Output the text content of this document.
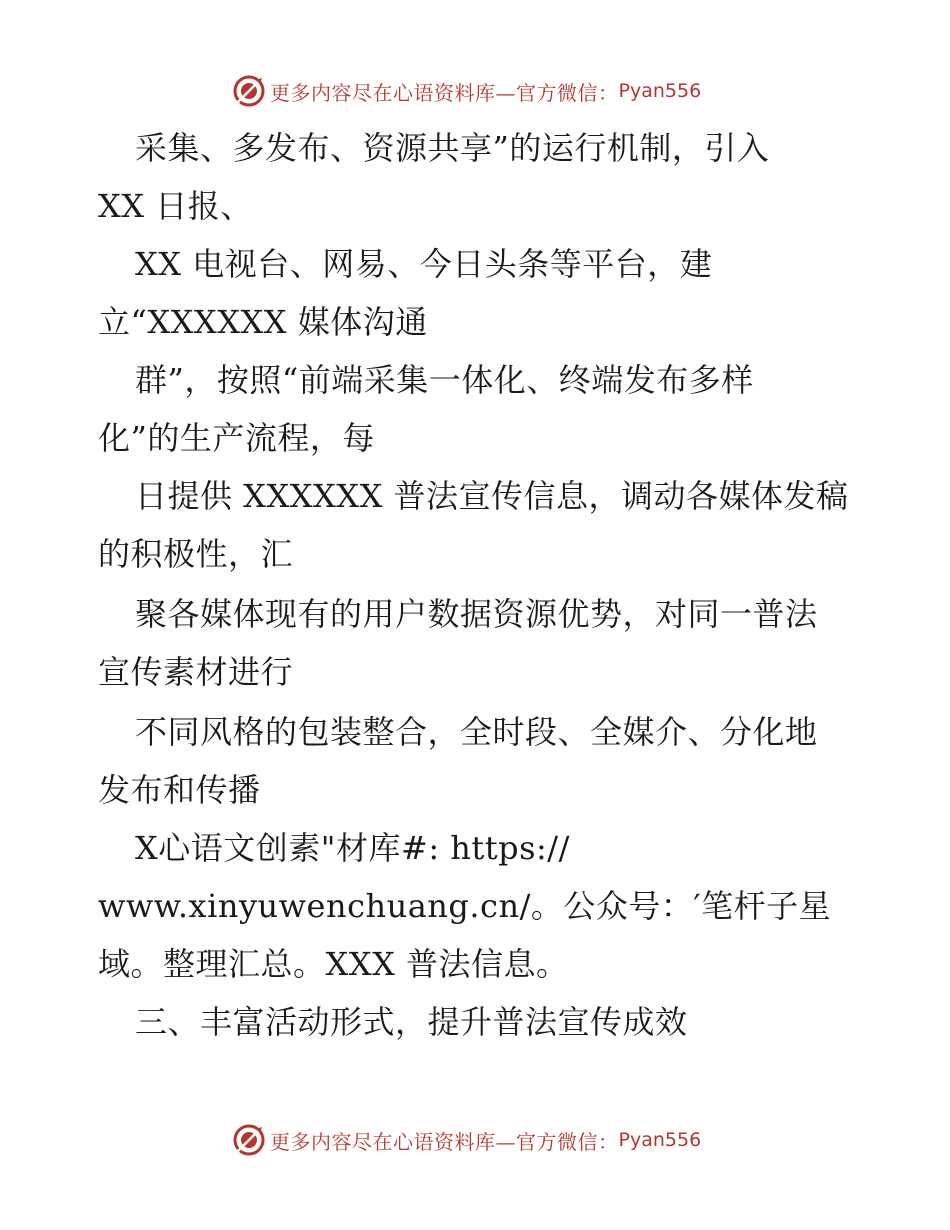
更多内容尽在心语资料库—官方微信： Pyan556
采集、多发布、资源共享”的运行机制，引入
XX 日报、
XX 电视台、网易、今日头条等平台，建
立“XXXXXX 媒体沟通
群”，按照“前端采集一体化、终端发布多样
化”的生产流程，每
日提供 XXXXXX 普法宣传信息，调动各媒体发稿
的积极性，汇
聚各媒体现有的用户数据资源优势，对同一普法
宣传素材进行
不同风格的包装整合，全时段、全媒介、分化地
发布和传播
X心语文创素"材库#: https://
www.xinyuwenchuang.cn/。公众号：′笔杆子星
域。整理汇总。XXX 普法信息。
三、丰富活动形式，提升普法宣传成效
更多内容尽在心语资料库—官方微信： Pyan556
